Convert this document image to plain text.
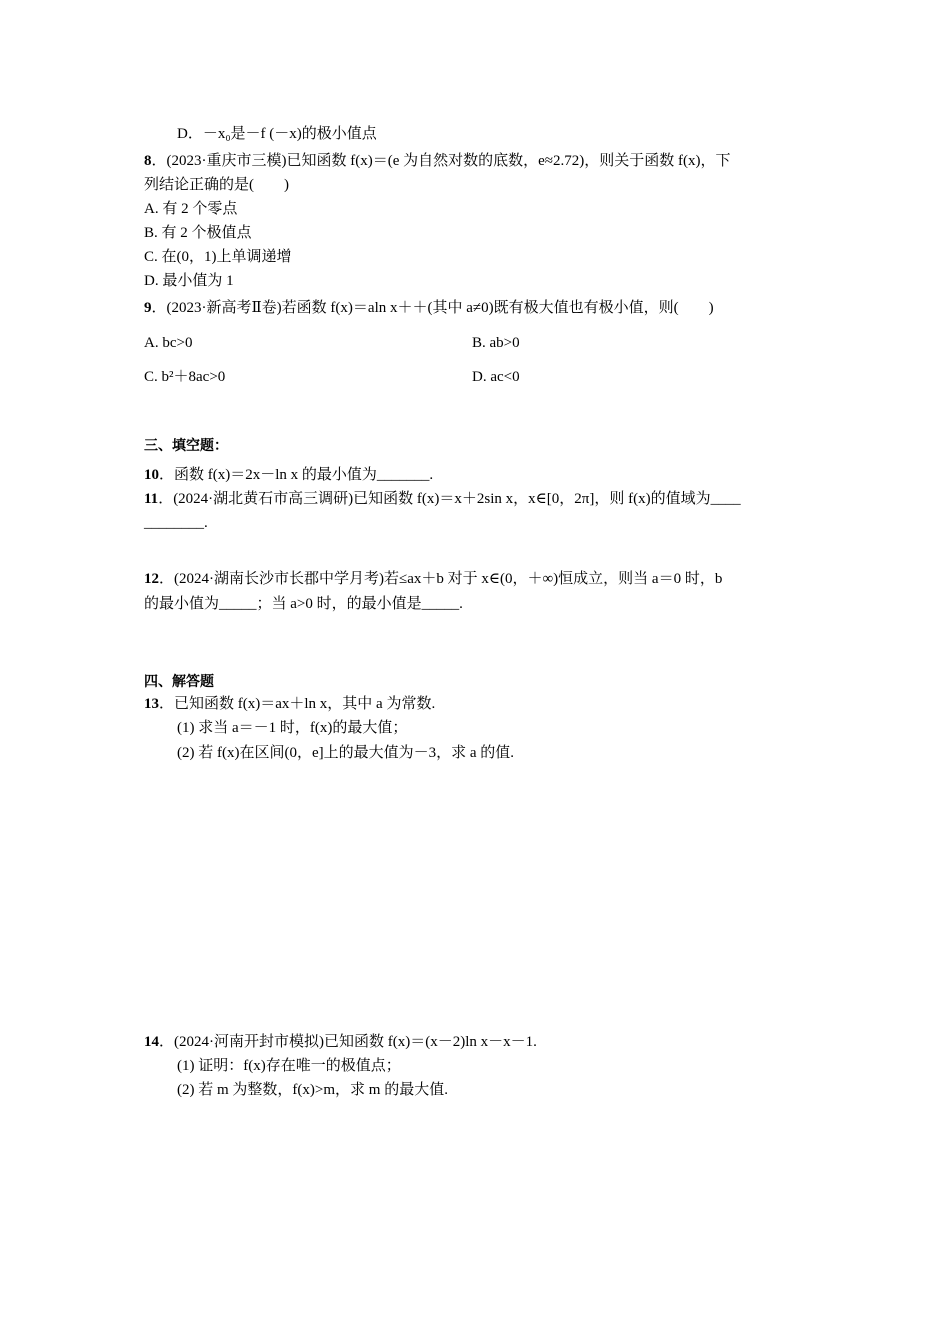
D．－x₀是－f (－x)的极小值点
8．(2023·重庆市三模)已知函数 f(x)＝(e 为自然对数的底数，e≈2.72)，则关于函数 f(x)，下
列结论正确的是(　　)
A. 有 2 个零点
B. 有 2 个极值点
C. 在(0，1)上单调递增
D. 最小值为 1
9．(2023·新高考Ⅱ卷)若函数 f(x)＝aln x＋＋(其中 a≠0)既有极大值也有极小值，则(　　)
A. bc>0	B. ab>0
C. b²＋8ac>0	D. ac<0
三、填空题：
10．函数 f(x)＝2x－ln x 的最小值为_______.
11．(2024·湖北黄石市高三调研)已知函数 f(x)＝x＋2sin x，x∈[0，2π]，则 f(x)的值域为____
________.
12．(2024·湖南长沙市长郡中学月考)若≤ax＋b 对于 x∈(0，＋∞)恒成立，则当 a＝0 时，b
的最小值为_____；当 a>0 时，的最小值是_____.
四、解答题
13．已知函数 f(x)＝ax＋ln x，其中 a 为常数.
(1) 求当 a＝－1 时，f(x)的最大值；
(2) 若 f(x)在区间(0，e]上的最大值为－3，求 a 的值.
14．(2024·河南开封市模拟)已知函数 f(x)＝(x－2)ln x－x－1.
(1) 证明：f(x)存在唯一的极值点；
(2) 若 m 为整数，f(x)>m，求 m 的最大值.
